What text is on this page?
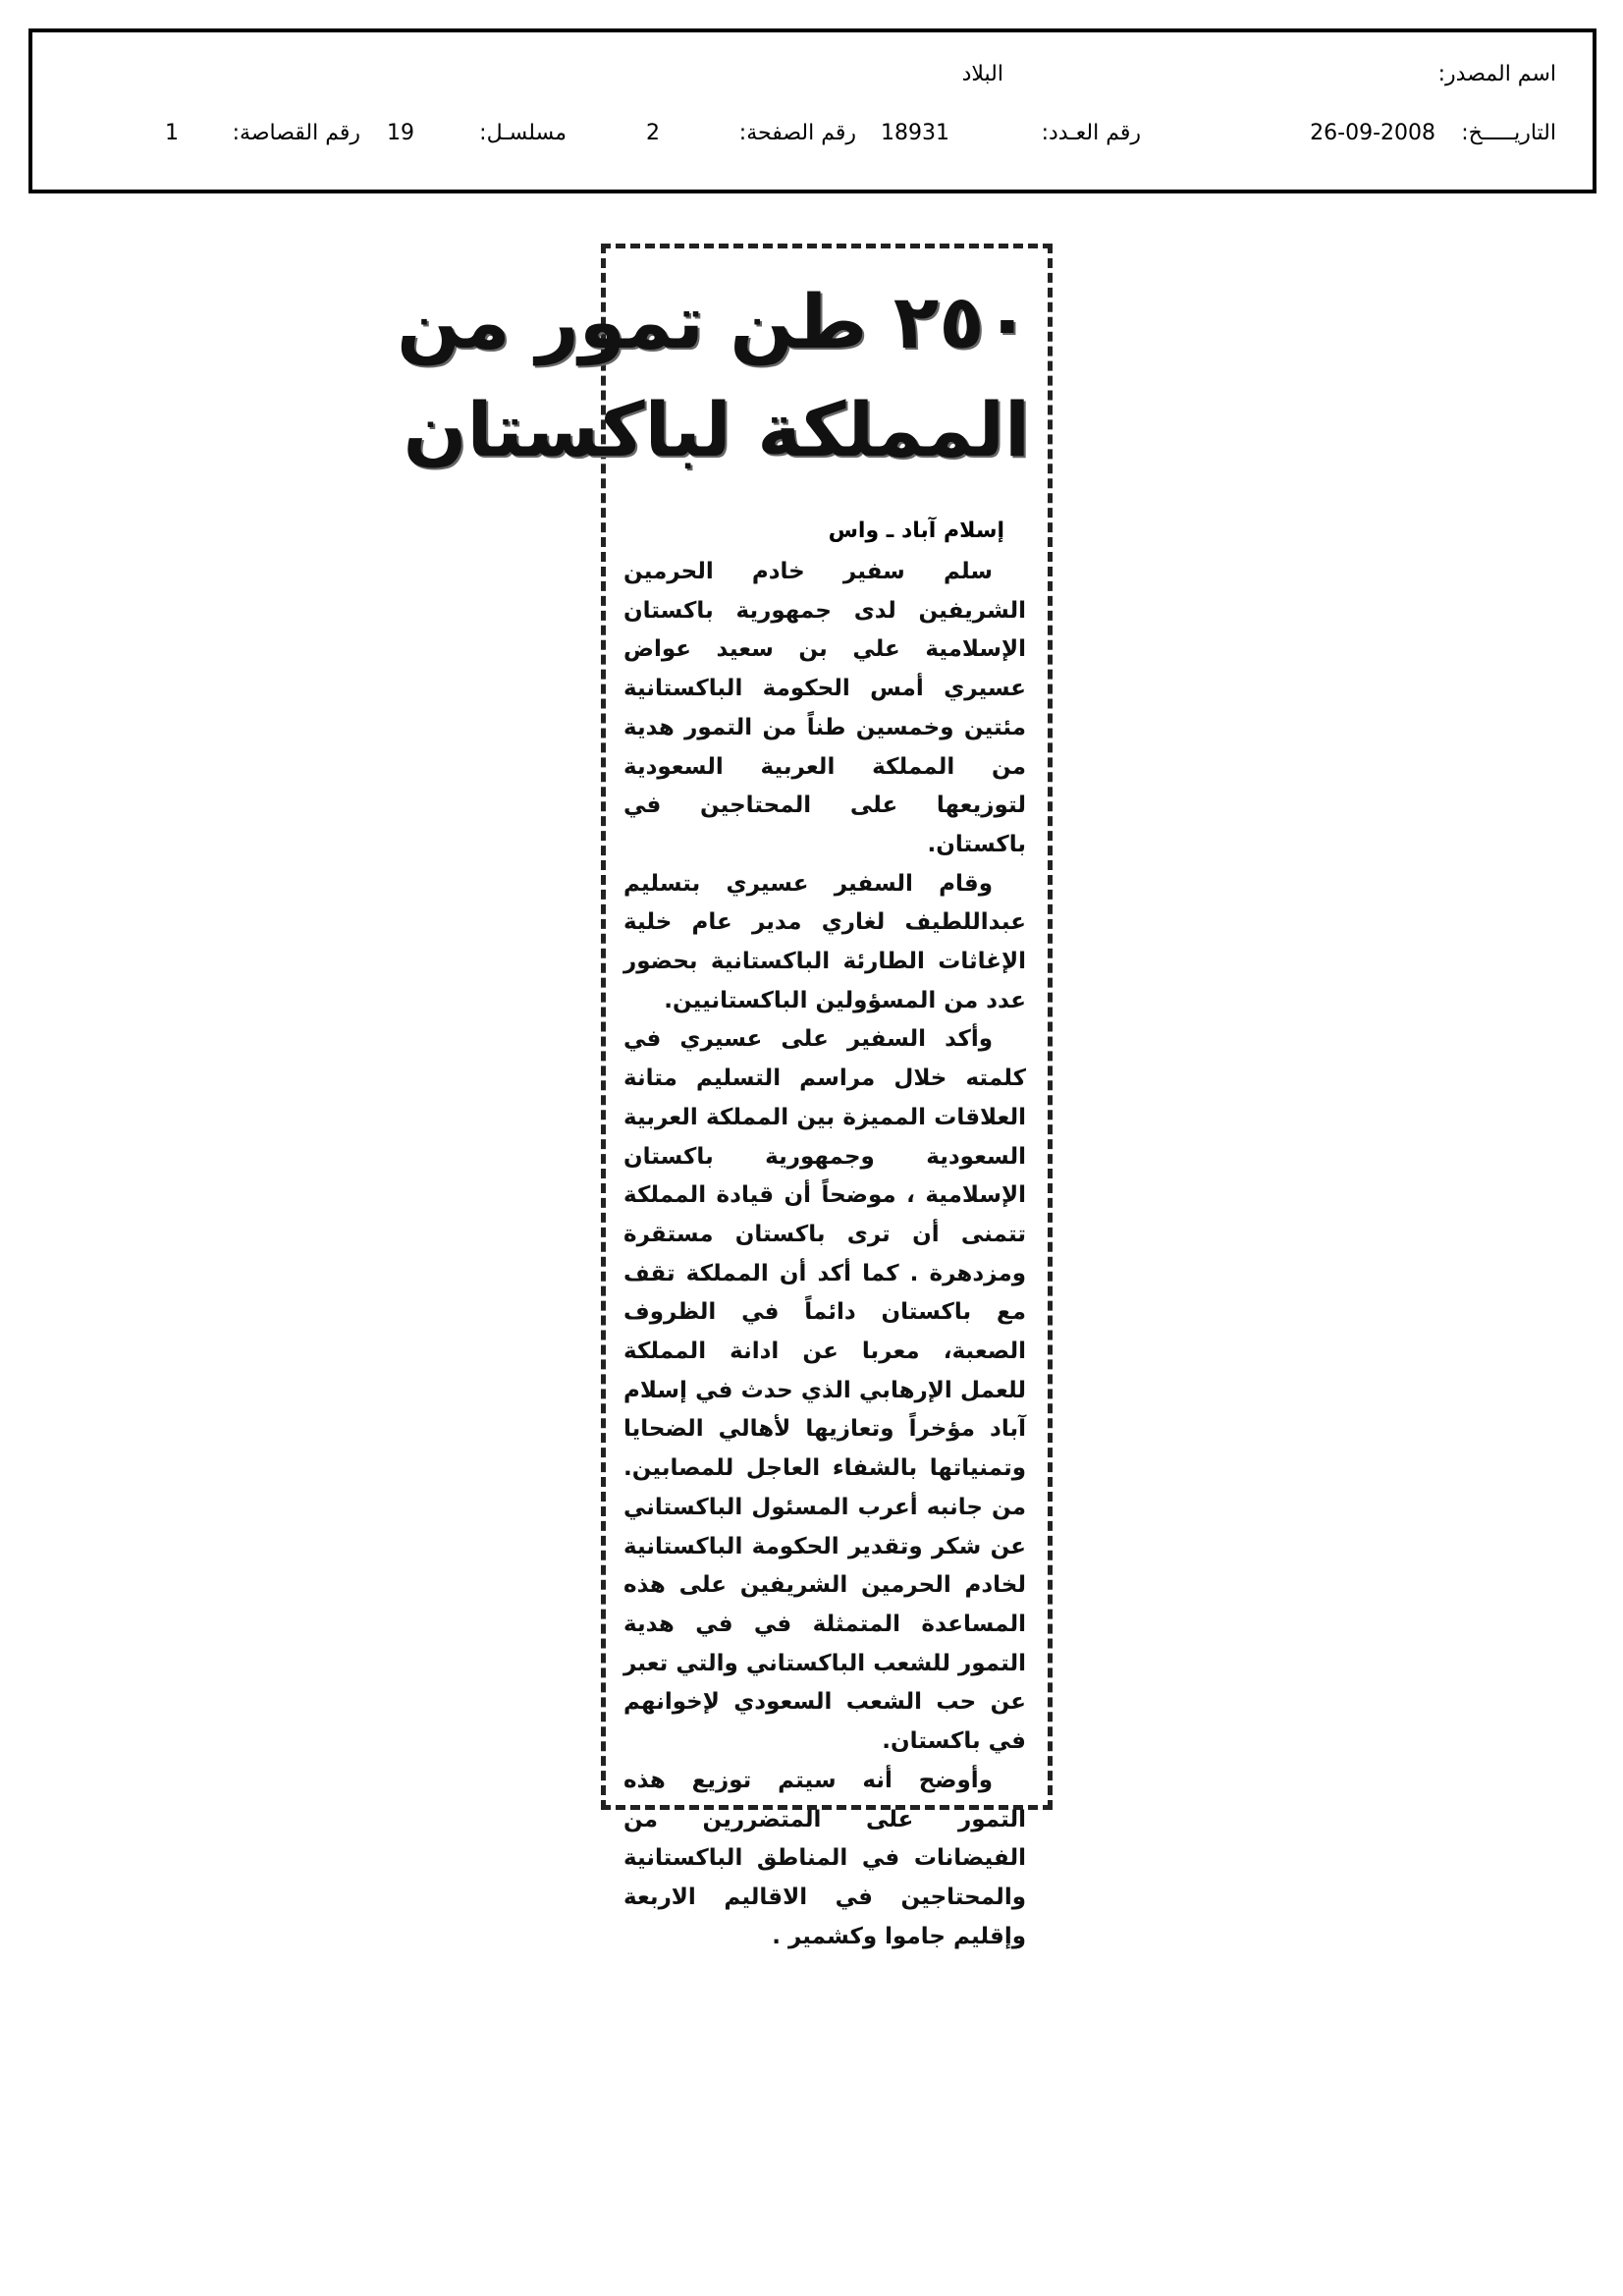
اسم المصدر:
البلاد
التاريـــــخ:
26-09-2008
رقم العـدد:
18931
رقم الصفحة:
2
مسلسـل:
19
رقم القصاصة:
1
٢٥٠ طن تمور من
المملكة لباكستان
إسلام آباد ـ واس

سلم سفير خادم الحرمين الشريفين لدى جمهورية باكستان الإسلامية علي بن سعيد عواض عسيري أمس الحكومة الباكستانية مئتين وخمسين طناً من التمور هدية من المملكة العربية السعودية لتوزيعها على المحتاجين في باكستان.

وقام السفير عسيري بتسليم عبداللطيف لغاري مدير عام خلية الإغاثات الطارئة الباكستانية بحضور عدد من المسؤولين الباكستانيين.

وأكد السفير على عسيري في كلمته خلال مراسم التسليم متانة العلاقات المميزة بين المملكة العربية السعودية وجمهورية باكستان الإسلامية ، موضحاً أن قيادة المملكة تتمنى أن ترى باكستان مستقرة ومزدهرة . كما أكد أن المملكة تقف مع باكستان دائماً في الظروف الصعبة، معربا عن ادانة المملكة للعمل الإرهابي الذي حدث في إسلام آباد مؤخراً وتعازيها لأهالي الضحايا وتمنياتها بالشفاء العاجل للمصابين. من جانبه أعرب المسئول الباكستاني عن شكر وتقدير الحكومة الباكستانية لخادم الحرمين الشريفين على هذه المساعدة المتمثلة في في هدية التمور للشعب الباكستاني والتي تعبر عن حب الشعب السعودي لإخوانهم في باكستان.

وأوضح أنه سيتم توزيع هذه التمور على المتضررين من الفيضانات في المناطق الباكستانية والمحتاجين في الاقاليم الاربعة وإقليم جاموا وكشمير .
